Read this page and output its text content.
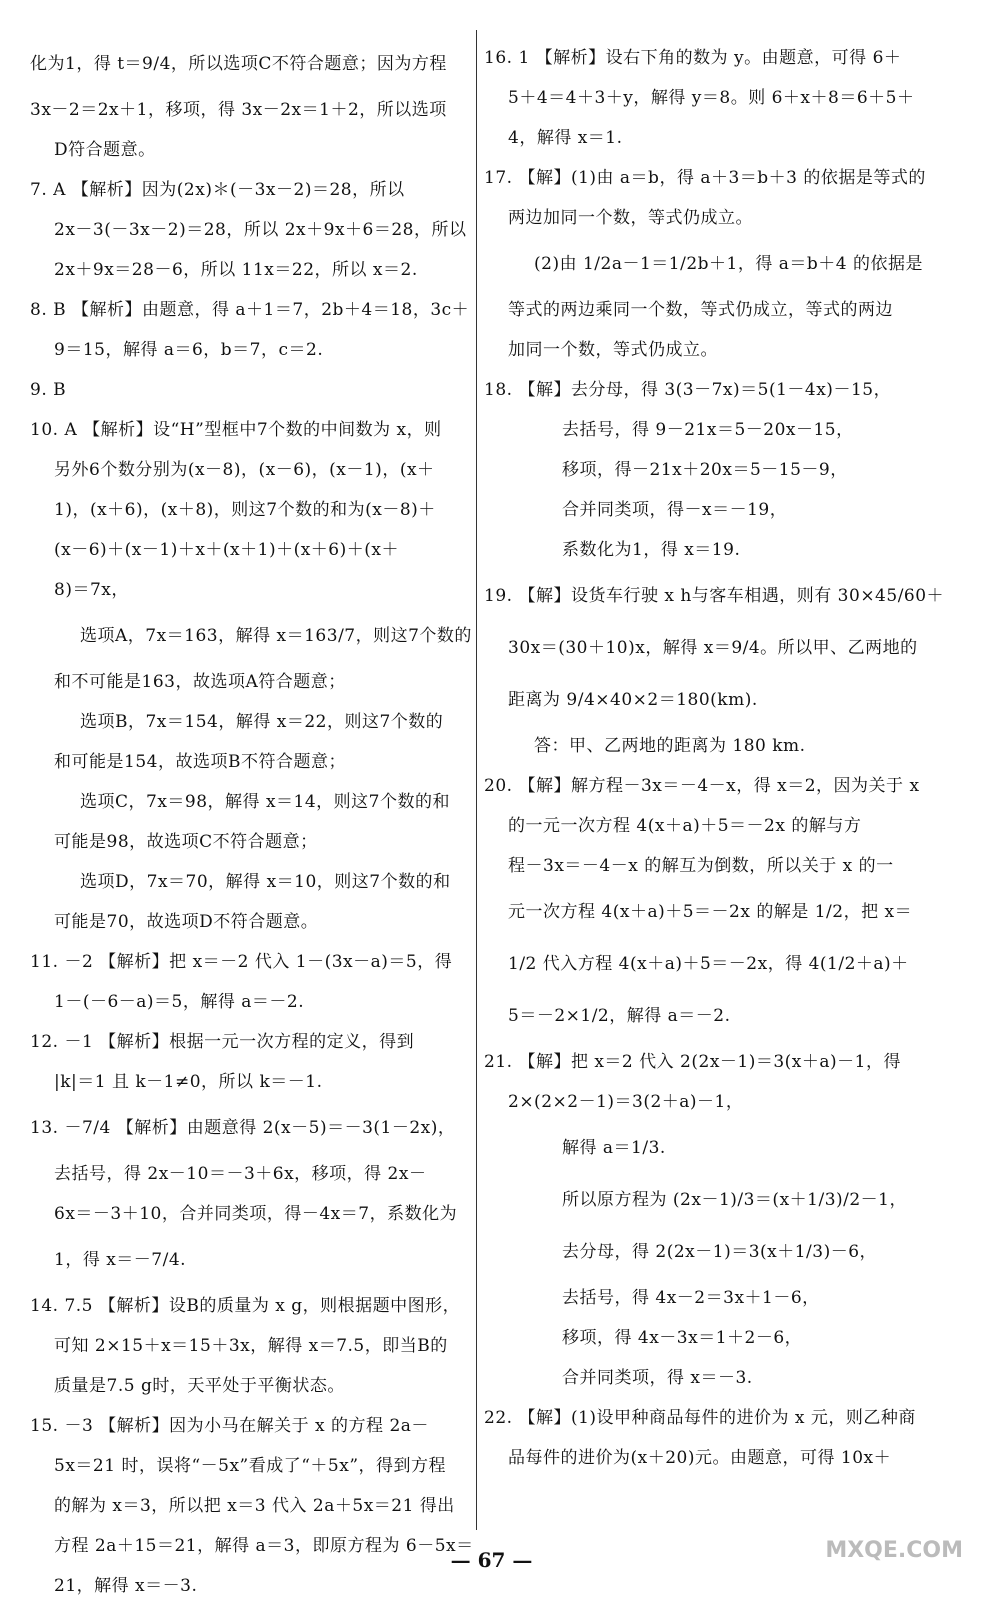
化为1，得 t＝9/4，所以选项C不符合题意；因为方程
3x－2＝2x＋1，移项，得 3x－2x＝1＋2，所以选项
D符合题意。
7. A 【解析】因为(2x)＊(－3x－2)＝28，所以
2x－3(－3x－2)＝28，所以 2x＋9x＋6＝28，所以
2x＋9x＝28－6，所以 11x＝22，所以 x＝2.
8. B 【解析】由题意，得 a＋1＝7，2b＋4＝18，3c＋
9＝15，解得 a＝6，b＝7，c＝2.
9. B
10. A 【解析】设“H”型框中7个数的中间数为 x，则
另外6个数分别为(x－8)，(x－6)，(x－1)，(x＋
1)，(x＋6)，(x＋8)，则这7个数的和为(x－8)＋
(x－6)＋(x－1)＋x＋(x＋1)＋(x＋6)＋(x＋
8)＝7x，
选项A，7x＝163，解得 x＝163/7，则这7个数的
和不可能是163，故选项A符合题意；
选项B，7x＝154，解得 x＝22，则这7个数的
和可能是154，故选项B不符合题意；
选项C，7x＝98，解得 x＝14，则这7个数的和
可能是98，故选项C不符合题意；
选项D，7x＝70，解得 x＝10，则这7个数的和
可能是70，故选项D不符合题意。
11. －2 【解析】把 x＝－2 代入 1－(3x－a)＝5，得
1－(－6－a)＝5，解得 a＝－2.
12. －1 【解析】根据一元一次方程的定义，得到
|k|＝1 且 k－1≠0，所以 k＝－1.
13. －7/4 【解析】由题意得 2(x－5)＝－3(1－2x)，
去括号，得 2x－10＝－3＋6x，移项，得 2x－
6x＝－3＋10，合并同类项，得－4x＝7，系数化为
1，得 x＝－7/4.
14. 7.5 【解析】设B的质量为 x g，则根据题中图形，
可知 2×15＋x＝15＋3x，解得 x＝7.5，即当B的
质量是7.5 g时，天平处于平衡状态。
15. －3 【解析】因为小马在解关于 x 的方程 2a－
5x＝21 时，误将“－5x”看成了“＋5x”，得到方程
的解为 x＝3，所以把 x＝3 代入 2a＋5x＝21 得出
方程 2a＋15＝21，解得 a＝3，即原方程为 6－5x＝
21，解得 x＝－3.
16. 1 【解析】设右下角的数为 y。由题意，可得 6＋
5＋4＝4＋3＋y，解得 y＝8。则 6＋x＋8＝6＋5＋
4，解得 x＝1.
17. 【解】(1)由 a＝b，得 a＋3＝b＋3 的依据是等式的
两边加同一个数，等式仍成立。
(2)由 1/2a－1＝1/2b＋1，得 a＝b＋4 的依据是
等式的两边乘同一个数，等式仍成立，等式的两边
加同一个数，等式仍成立。
18. 【解】去分母，得 3(3－7x)＝5(1－4x)－15，
去括号，得 9－21x＝5－20x－15，
移项，得－21x＋20x＝5－15－9，
合并同类项，得－x＝－19，
系数化为1，得 x＝19.
19. 【解】设货车行驶 x h与客车相遇，则有 30×45/60＋
30x＝(30＋10)x，解得 x＝9/4。所以甲、乙两地的
距离为 9/4×40×2＝180(km).
答：甲、乙两地的距离为 180 km.
20. 【解】解方程－3x＝－4－x，得 x＝2，因为关于 x
的一元一次方程 4(x＋a)＋5＝－2x 的解与方
程－3x＝－4－x 的解互为倒数，所以关于 x 的一
元一次方程 4(x＋a)＋5＝－2x 的解是 1/2，把 x＝
1/2 代入方程 4(x＋a)＋5＝－2x，得 4(1/2＋a)＋
5＝－2×1/2，解得 a＝－2.
21. 【解】把 x＝2 代入 2(2x－1)＝3(x＋a)－1，得
2×(2×2－1)＝3(2＋a)－1，
解得 a＝1/3.
所以原方程为 (2x－1)/3＝(x＋1/3)/2－1，
去分母，得 2(2x－1)＝3(x＋1/3)－6，
去括号，得 4x－2＝3x＋1－6，
移项，得 4x－3x＝1＋2－6，
合并同类项，得 x＝－3.
22. 【解】(1)设甲种商品每件的进价为 x 元，则乙种商
品每件的进价为(x＋20)元。由题意，可得 10x＋
— 67 —	MXQE.COM
